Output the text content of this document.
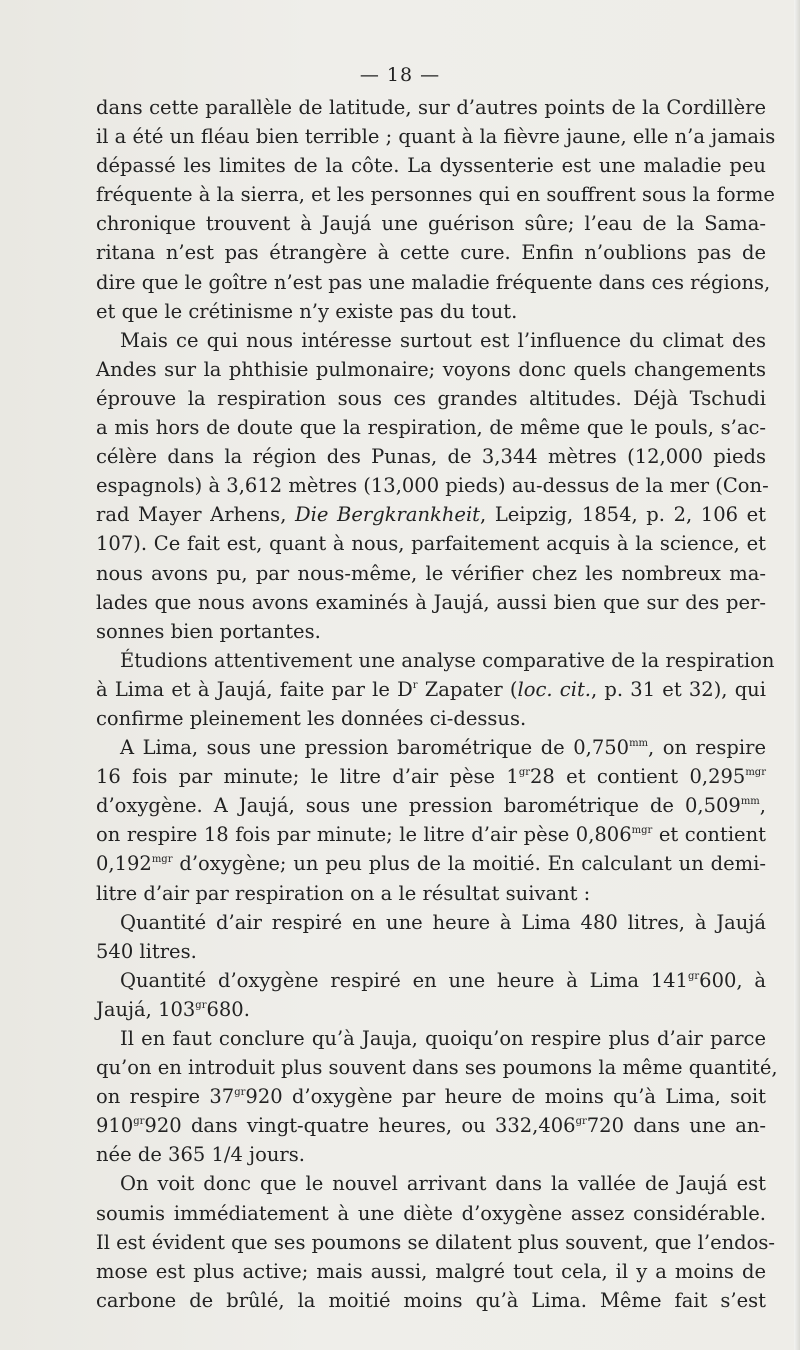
— 18 —
dans cette parallèle de latitude, sur d’autres points de la Cordillère
il a été un fléau bien terrible ; quant à la fièvre jaune, elle n’a jamais
dépassé les limites de la côte. La dyssenterie est une maladie peu
fréquente à la sierra, et les personnes qui en souffrent sous la forme
chronique trouvent à Jaujá une guérison sûre; l’eau de la Sama-
ritana n’est pas étrangère à cette cure. Enfin n’oublions pas de
dire que le goître n’est pas une maladie fréquente dans ces régions,
et que le crétinisme n’y existe pas du tout.
Mais ce qui nous intéresse surtout est l’influence du climat des
Andes sur la phthisie pulmonaire; voyons donc quels changements
éprouve la respiration sous ces grandes altitudes. Déjà Tschudi
a mis hors de doute que la respiration, de même que le pouls, s’ac-
célère dans la région des Punas, de 3,344 mètres (12,000 pieds
espagnols) à 3,612 mètres (13,000 pieds) au-dessus de la mer (Con-
rad Mayer Arhens, Die Bergkrankheit, Leipzig, 1854, p. 2, 106 et
107). Ce fait est, quant à nous, parfaitement acquis à la science, et
nous avons pu, par nous-même, le vérifier chez les nombreux ma-
lades que nous avons examinés à Jaujá, aussi bien que sur des per-
sonnes bien portantes.
Étudions attentivement une analyse comparative de la respiration
à Lima et à Jaujá, faite par le $D^r$ Zapater (loc. cit., p. 31 et 32), qui
confirme pleinement les données ci-dessus.
A Lima, sous une pression barométrique de $0,750^{mm}$, on respire
16 fois par minute; le litre d’air pèse $1^{gr}28$ et contient $0,295^{mgr}$
d’oxygène. A Jaujá, sous une pression barométrique de $0,509^{mm}$,
on respire 18 fois par minute; le litre d’air pèse $0,806^{mgr}$ et contient
$0,192^{mgr}$ d’oxygène; un peu plus de la moitié. En calculant un demi-
litre d’air par respiration on a le résultat suivant :
Quantité d’air respiré en une heure à Lima 480 litres, à Jaujá
540 litres.
Quantité d’oxygène respiré en une heure à Lima $141^{gr}600$, à
Jaujá, $103^{gr}680$.
Il en faut conclure qu’à Jauja, quoiqu’on respire plus d’air parce
qu’on en introduit plus souvent dans ses poumons la même quantité,
on respire $37^{gr}920$ d’oxygène par heure de moins qu’à Lima, soit
$910^{gr}920$ dans vingt-quatre heures, ou $332,406^{gr}720$ dans une an-
née de 365 1/4 jours.
On voit donc que le nouvel arrivant dans la vallée de Jaujá est
soumis immédiatement à une diète d’oxygène assez considérable.
Il est évident que ses poumons se dilatent plus souvent, que l’endos-
mose est plus active; mais aussi, malgré tout cela, il y a moins de
carbone de brûlé, la moitié moins qu’à Lima. Même fait s’est
